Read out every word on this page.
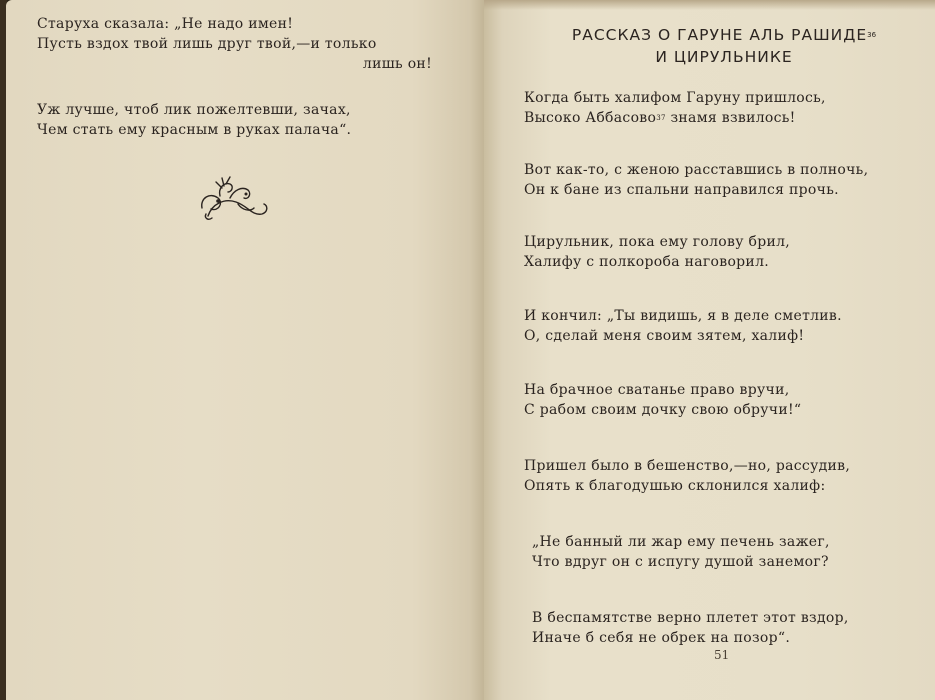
Старуха сказала: „Не надо имен!
Пусть вздох твой лишь друг твой,—и только
лишь он!
Уж лучше, чтоб лик пожелтевши, зачах,
Чем стать ему красным в руках палача“.
РАССКАЗ О ГАРУНЕ АЛЬ РАШИДЕ$^{36}$
И ЦИРУЛЬНИКЕ
Когда быть халифом Гаруну пришлось,
Высоко Аббасово$^{37}$ знамя взвилось!
Вот как-то, с женою расставшись в полночь,
Он к бане из спальни направился прочь.
Цирульник, пока ему голову брил,
Халифу с полкороба наговорил.
И кончил: „Ты видишь, я в деле сметлив.
О, сделай меня своим зятем, халиф!
На брачное сватанье право вручи,
С рабом своим дочку свою обручи!“
Пришел было в бешенство,—но, рассудив,
Опять к благодушью склонился халиф:
„Не банный ли жар ему печень зажег,
Что вдруг он с испугу душой занемог?
В беспамятстве верно плетет этот вздор,
Иначе б себя не обрек на позор“.
51
